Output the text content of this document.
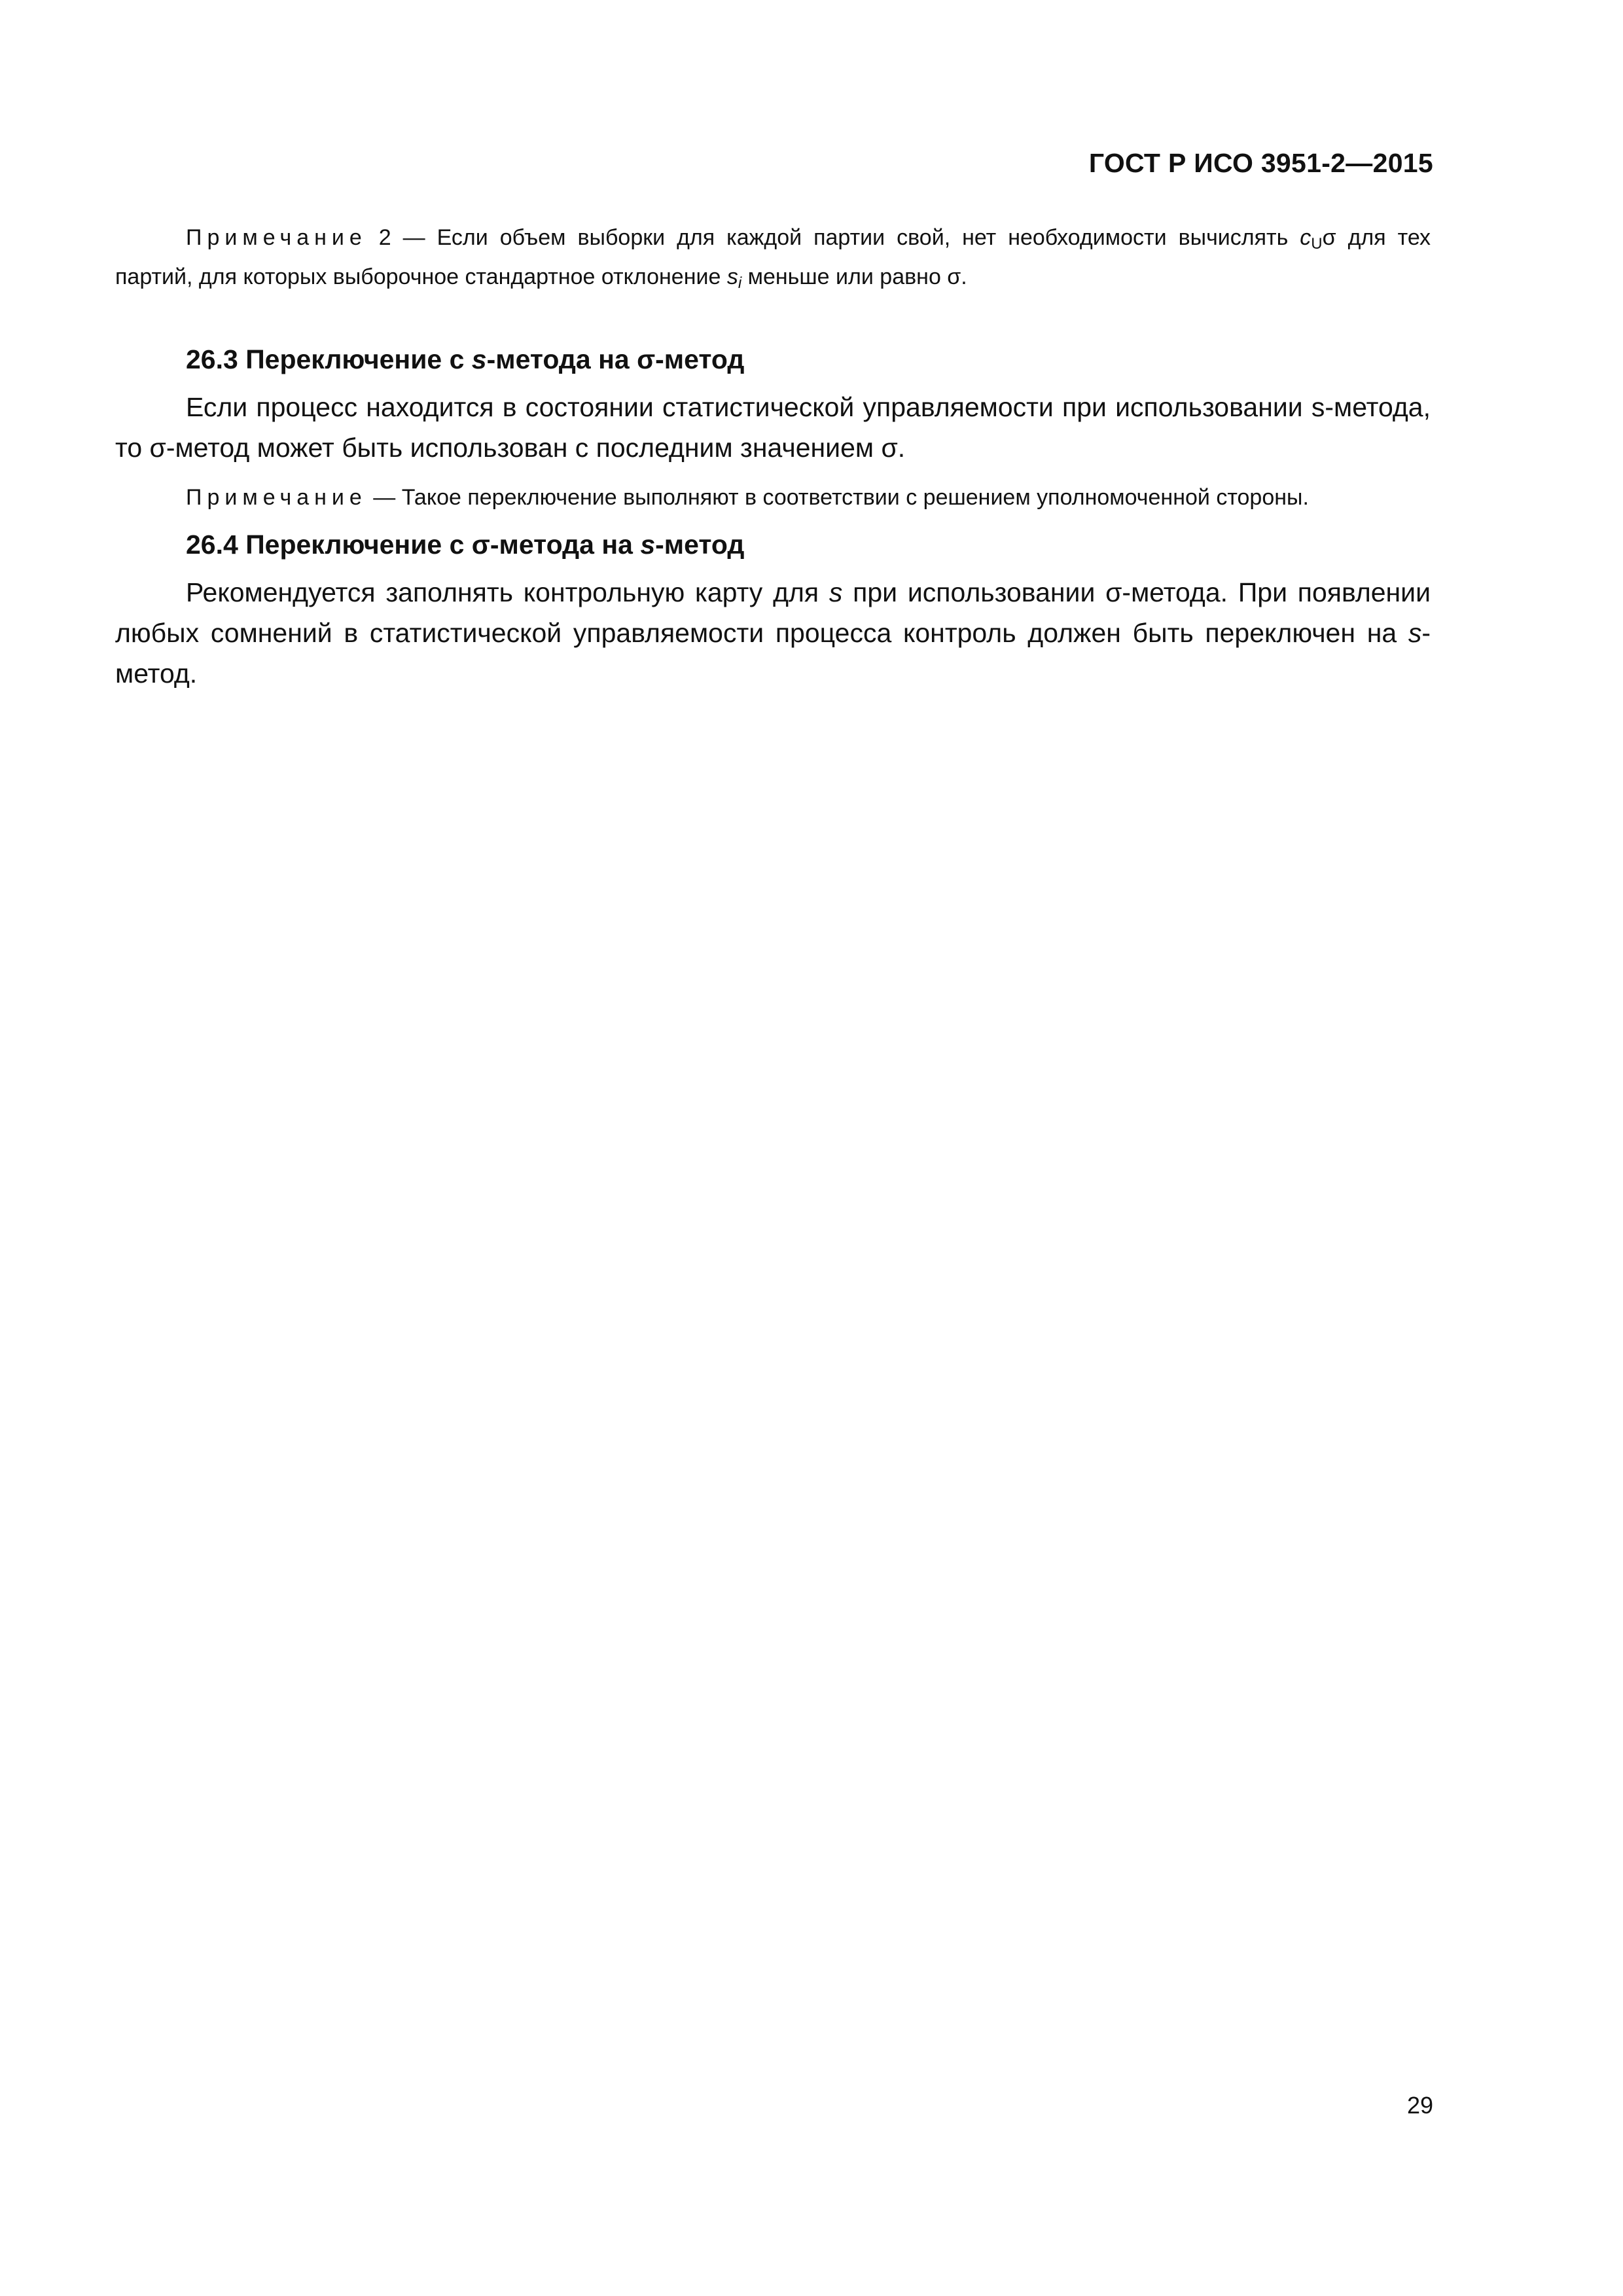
ГОСТ Р ИСО 3951-2—2015

Примечание 2 — Если объем выборки для каждой партии свой, нет необходимости вычислять $c_U\sigma$ для тех партий, для которых выборочное стандартное отклонение $s_i$ меньше или равно σ.

26.3 Переключение с s-метода на σ-метод

Если процесс находится в состоянии статистической управляемости при использовании s-метода, то σ-метод может быть использован с последним значением σ.

Примечание — Такое переключение выполняют в соответствии с решением уполномоченной стороны.

26.4 Переключение с σ-метода на s-метод

Рекомендуется заполнять контрольную карту для s при использовании σ-метода. При появлении любых сомнений в статистической управляемости процесса контроль должен быть переключен на s-метод.

29
